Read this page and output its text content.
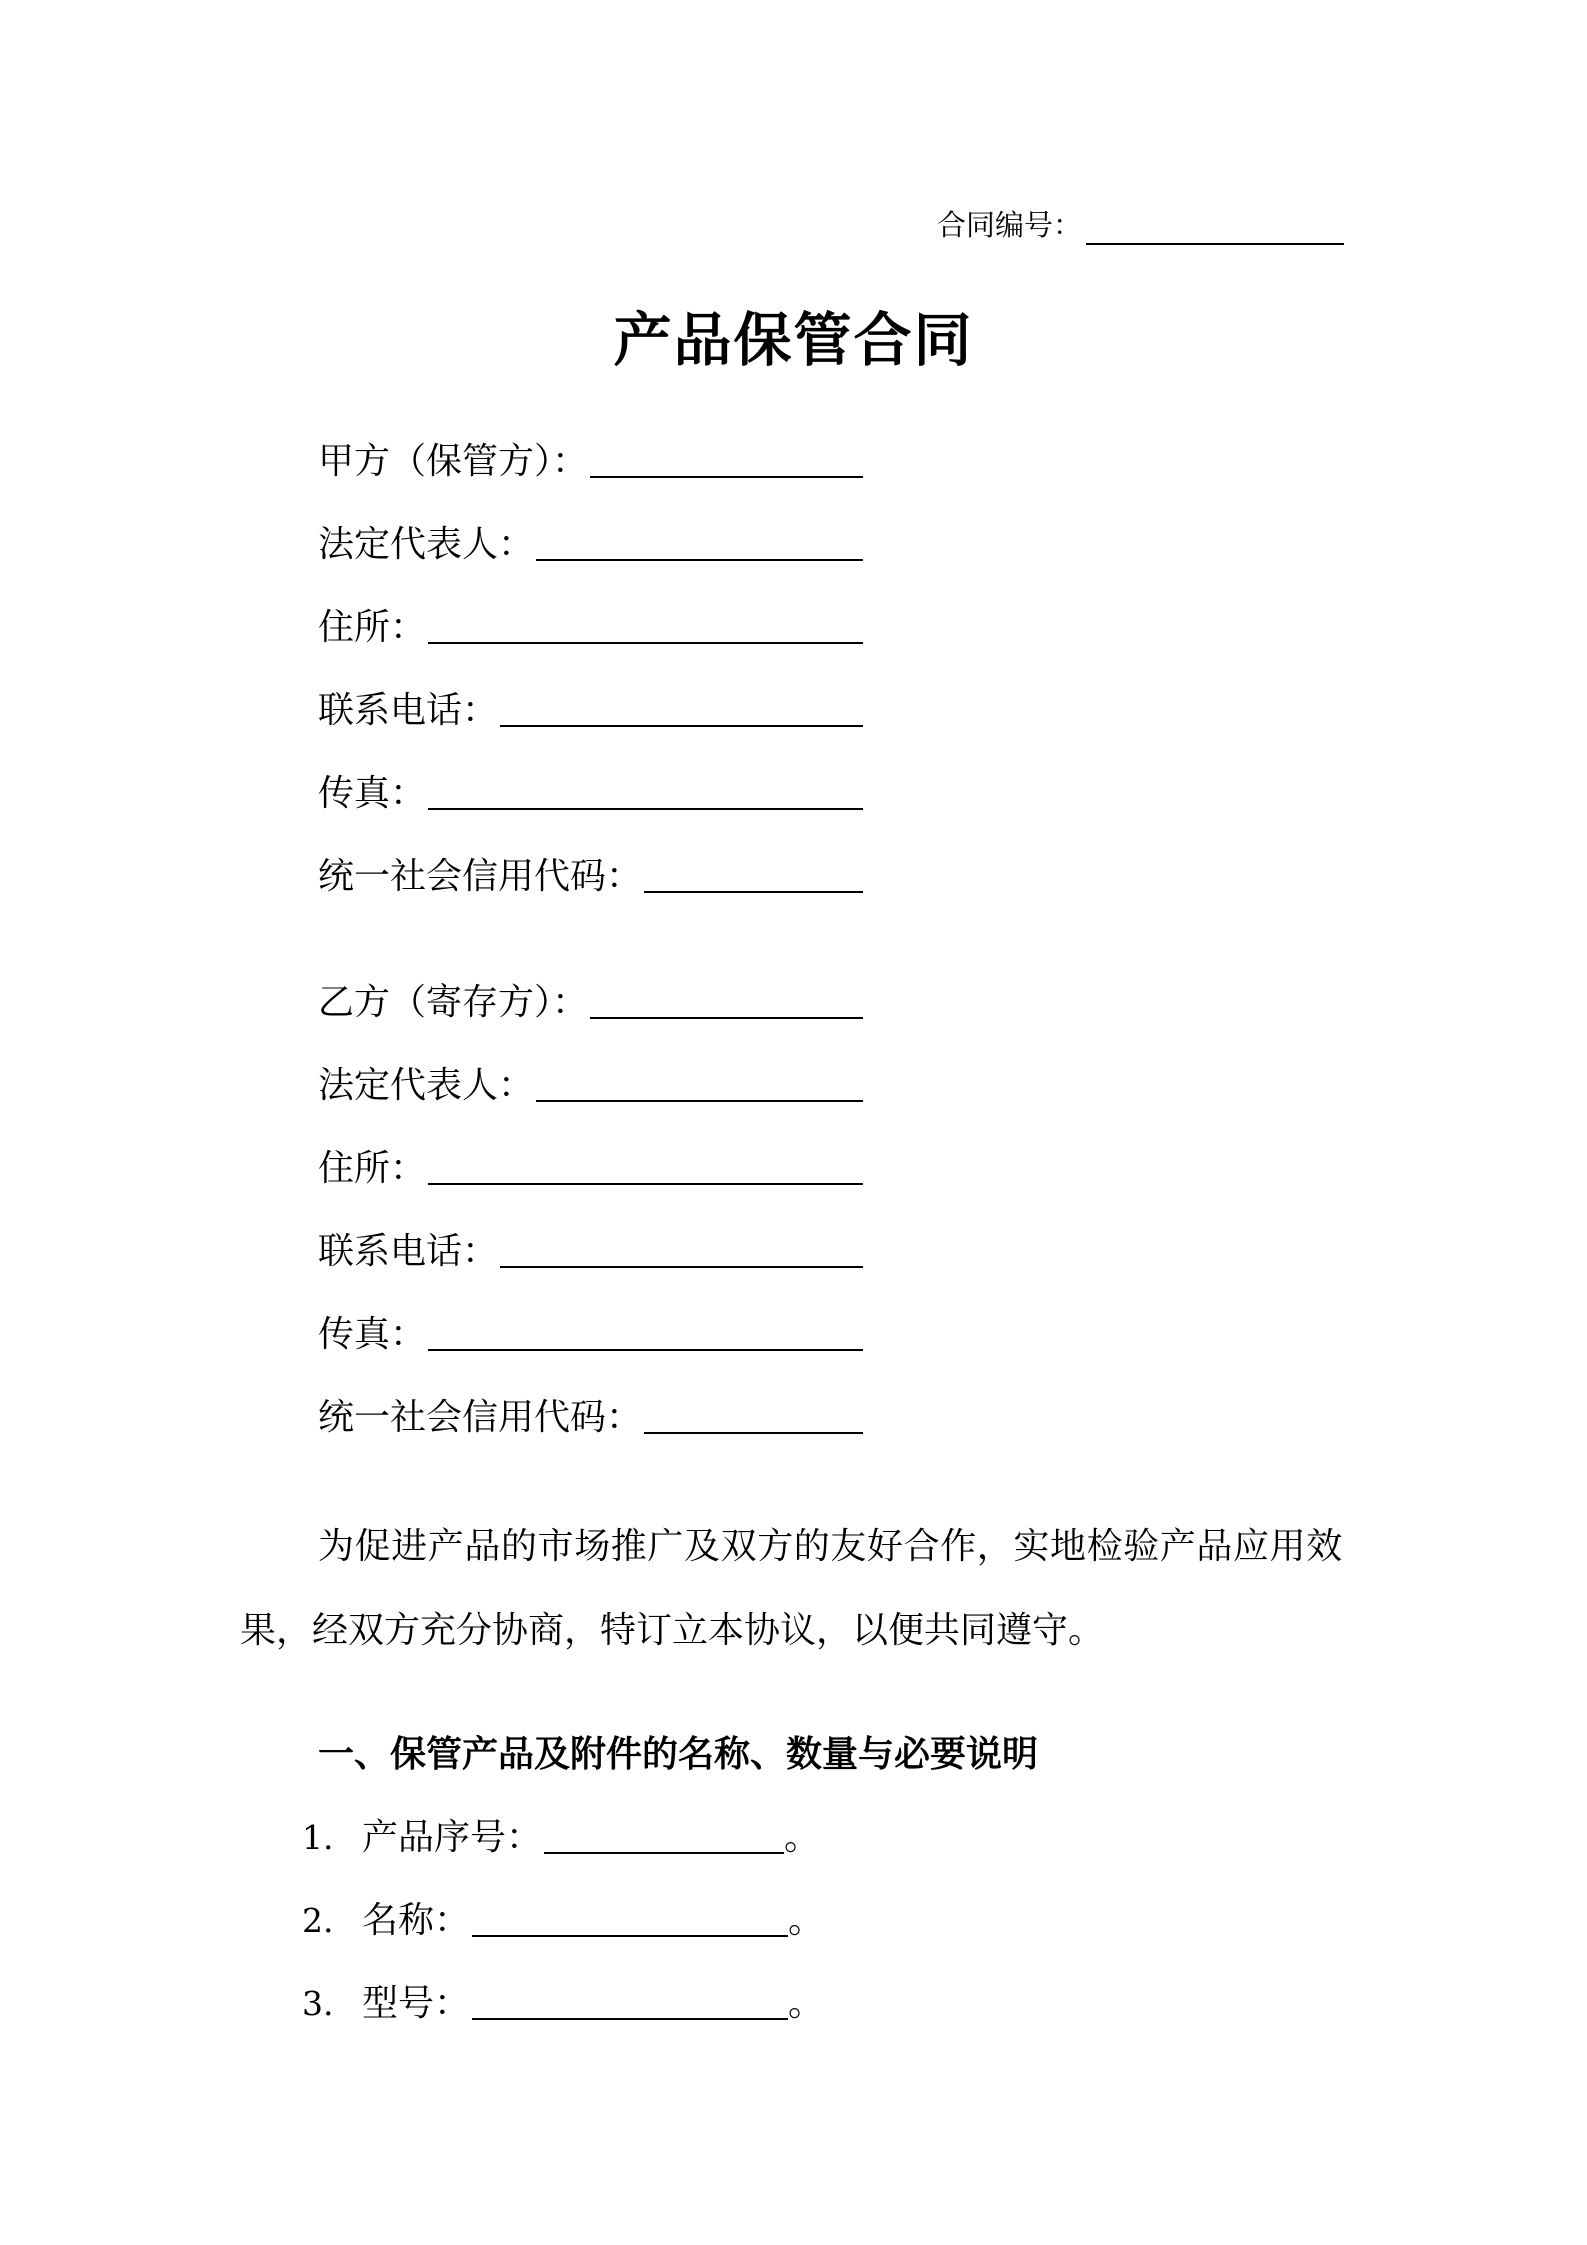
合同编号：
产品保管合同
甲方（保管方）：
法定代表人：
住所：
联系电话：
传真：
统一社会信用代码：
乙方（寄存方）：
法定代表人：
住所：
联系电话：
传真：
统一社会信用代码：
为促进产品的市场推广及双方的友好合作，实地检验产品应用效
果，经双方充分协商，特订立本协议，以便共同遵守。
一、保管产品及附件的名称、数量与必要说明
1. 产品序号：	。
2. 名称：	。
3. 型号：	。
